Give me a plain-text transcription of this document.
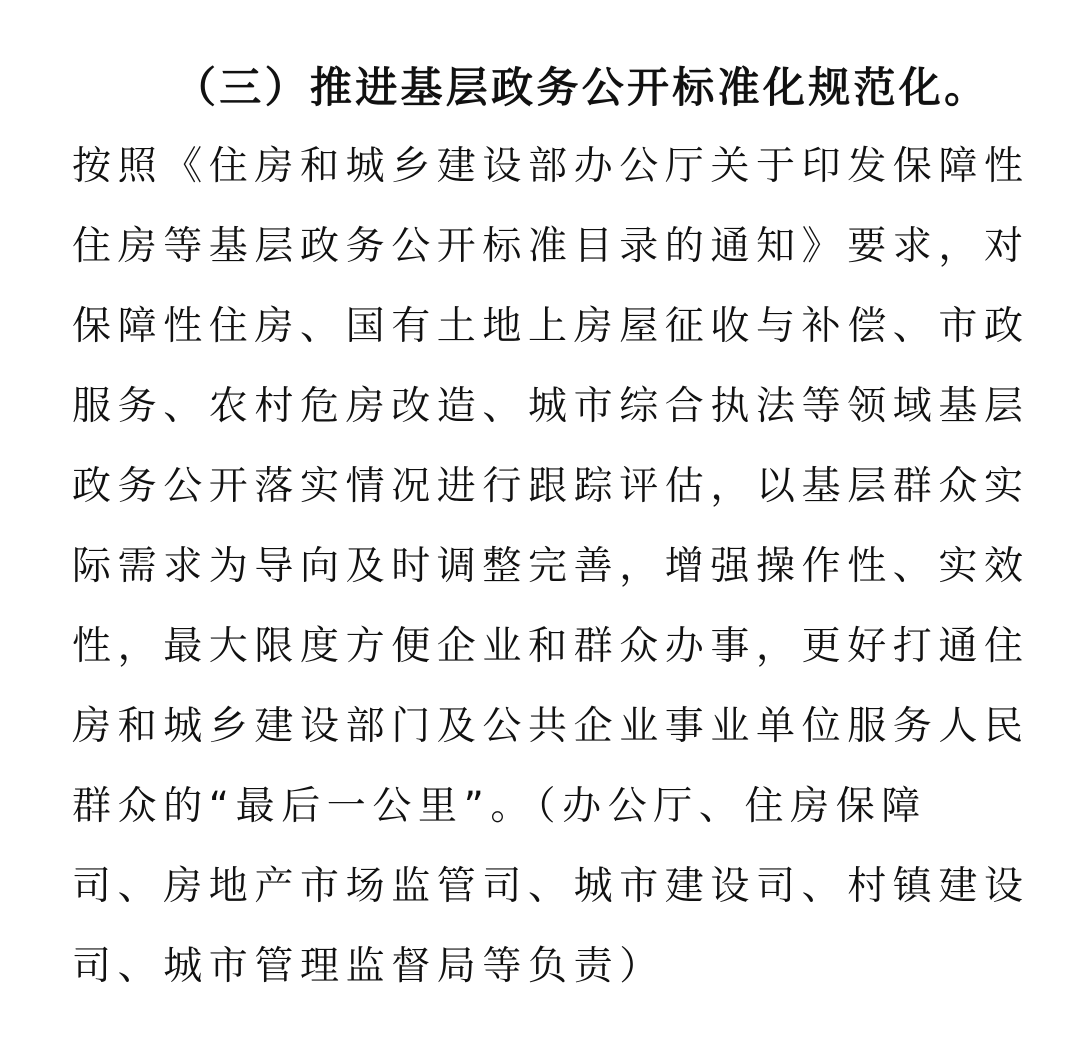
（三）推进基层政务公开标准化规范化。
按照《住房和城乡建设部办公厅关于印发保障性
住房等基层政务公开标准目录的通知》要求，对
保障性住房、国有土地上房屋征收与补偿、市政
服务、农村危房改造、城市综合执法等领域基层
政务公开落实情况进行跟踪评估，以基层群众实
际需求为导向及时调整完善，增强操作性、实效
性，最大限度方便企业和群众办事，更好打通住
房和城乡建设部门及公共企业事业单位服务人民
群众的“最后一公里”。（办公厅、住房保障
司、房地产市场监管司、城市建设司、村镇建设
司、城市管理监督局等负责）
